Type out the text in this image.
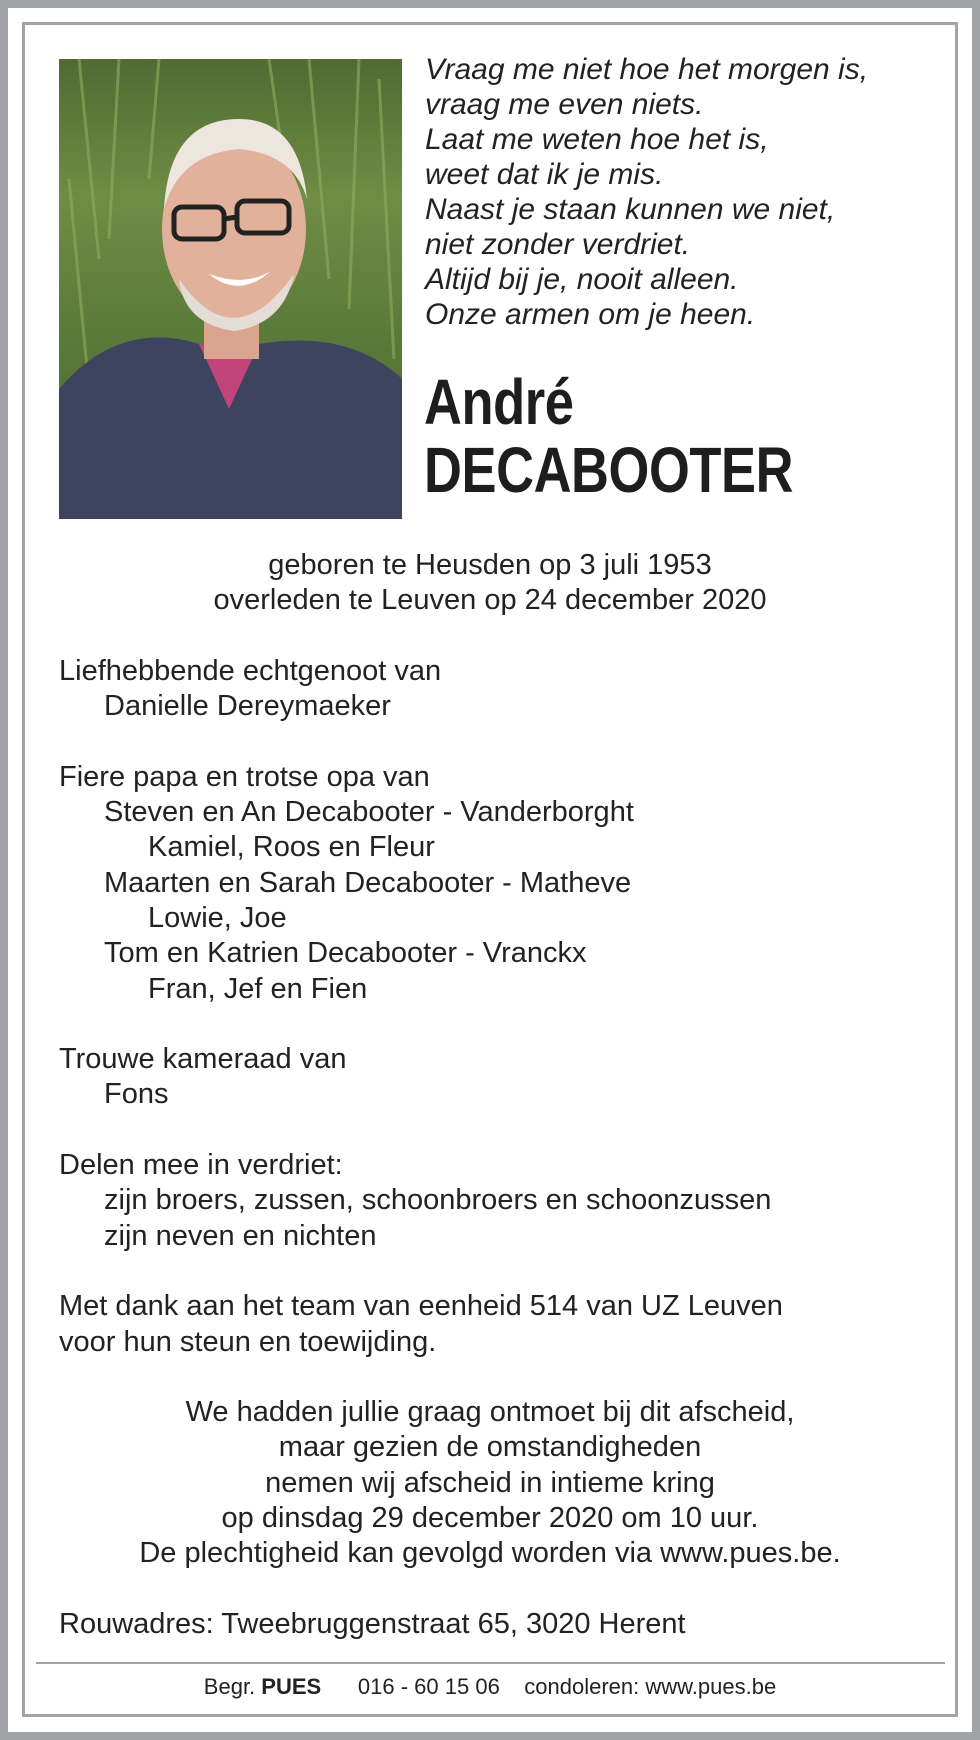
Vraag me niet hoe het morgen is,
vraag me even niets.
Laat me weten hoe het is,
weet dat ik je mis.
Naast je staan kunnen we niet,
niet zonder verdriet.
Altijd bij je, nooit alleen.
Onze armen om je heen.
André
DECABOOTER
geboren te Heusden op 3 juli 1953
overleden te Leuven op 24 december 2020
Liefhebbende echtgenoot van
Danielle Dereymaeker
Fiere papa en trotse opa van
Steven en An Decabooter - Vanderborght
Kamiel, Roos en Fleur
Maarten en Sarah Decabooter - Matheve
Lowie, Joe
Tom en Katrien Decabooter - Vranckx
Fran, Jef en Fien
Trouwe kameraad van
Fons
Delen mee in verdriet:
zijn broers, zussen, schoonbroers en schoonzussen
zijn neven en nichten
Met dank aan het team van eenheid 514 van UZ Leuven
voor hun steun en toewijding.
We hadden jullie graag ontmoet bij dit afscheid,
maar gezien de omstandigheden
nemen wij afscheid in intieme kring
op dinsdag 29 december 2020 om 10 uur.
De plechtigheid kan gevolgd worden via www.pues.be.
Rouwadres: Tweebruggenstraat 65, 3020 Herent
Begr. PUES 016 - 60 15 06 condoleren: www.pues.be
